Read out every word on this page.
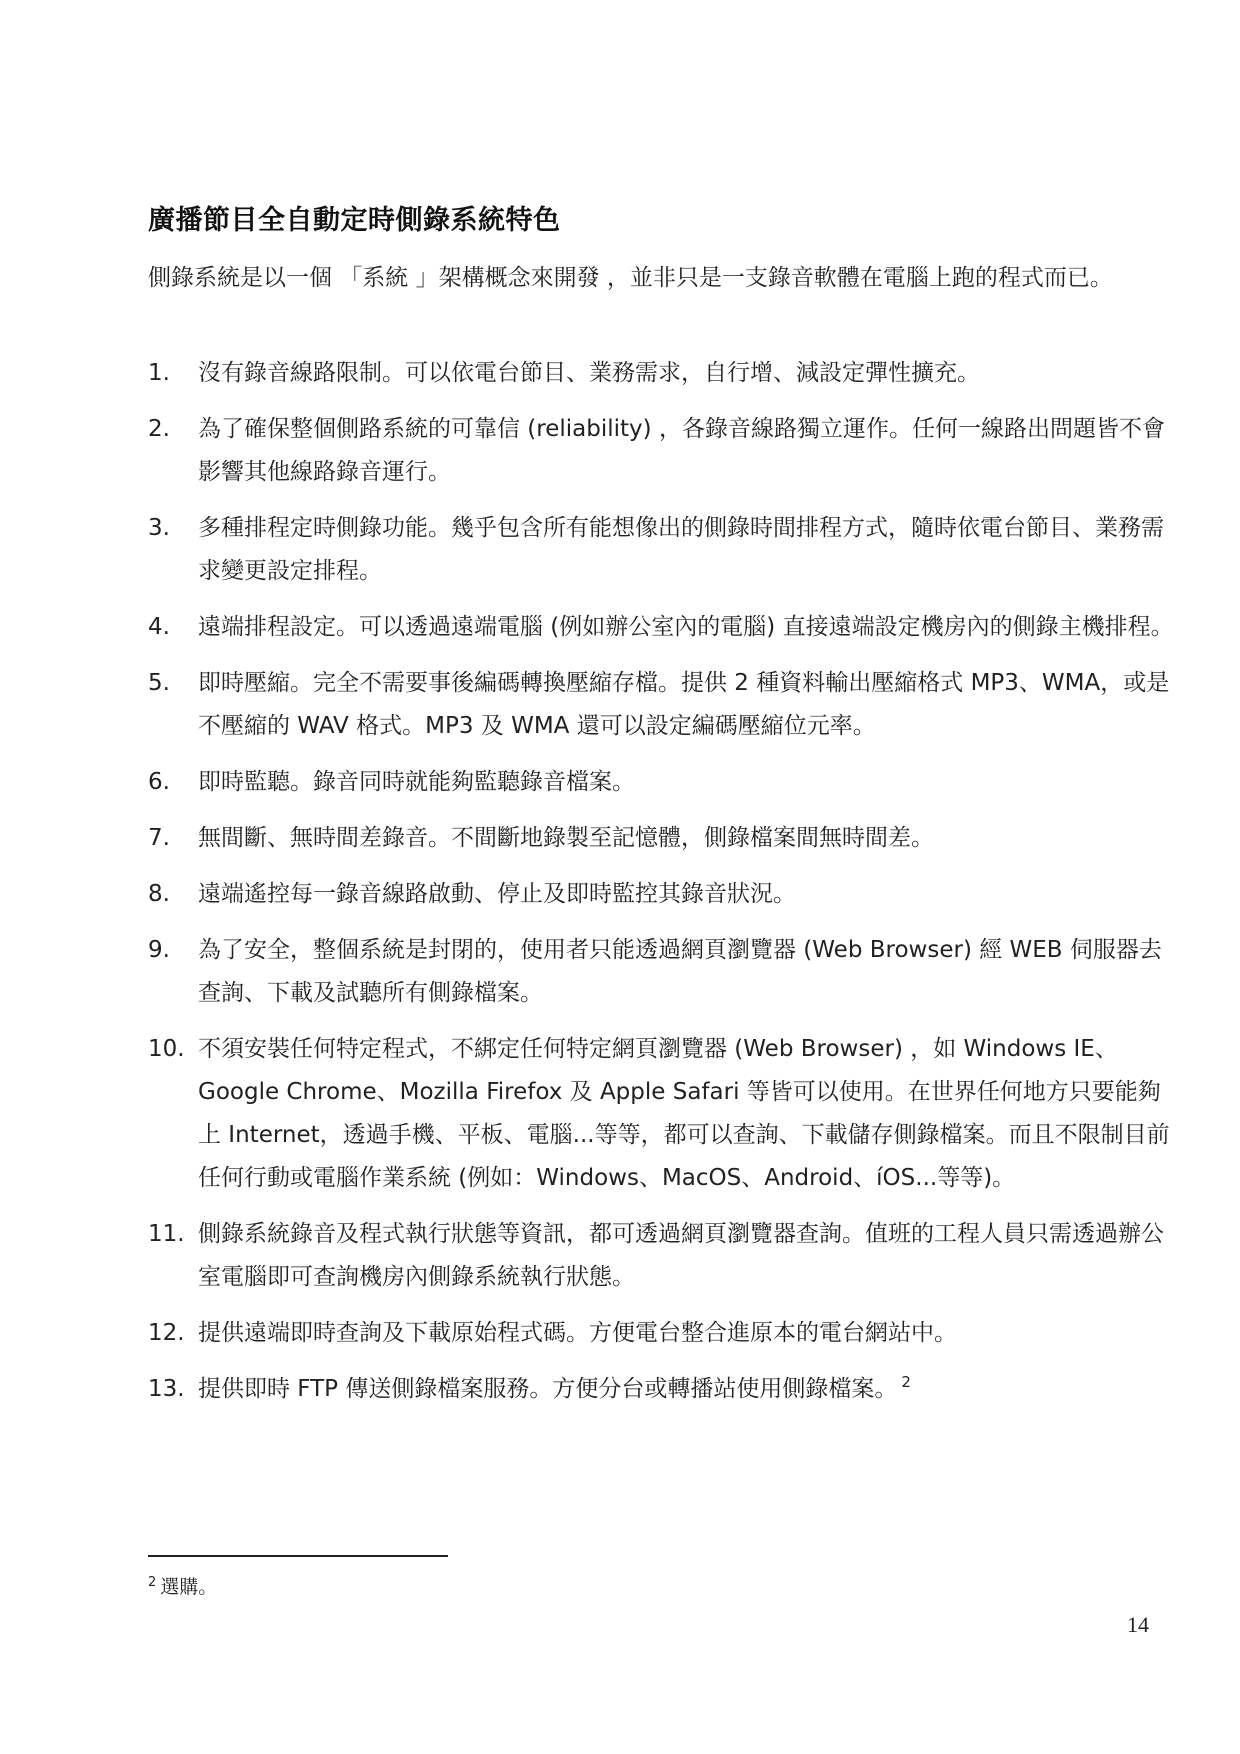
廣播節目全自動定時側錄系統特色
側錄系統是以一個 「系統 」架構概念來開發 ，並非只是一支錄音軟體在電腦上跑的程式而已。
1.	沒有錄音線路限制。可以依電台節目、業務需求，自行增、減設定彈性擴充。
2.	為了確保整個側路系統的可靠信 (reliability) ，各錄音線路獨立運作。任何一線路出問題皆不會影響其他線路錄音運行。
3.	多種排程定時側錄功能。幾乎包含所有能想像出的側錄時間排程方式，隨時依電台節目、業務需求變更設定排程。
4.	遠端排程設定。可以透過遠端電腦 (例如辦公室內的電腦) 直接遠端設定機房內的側錄主機排程。
5.	即時壓縮。完全不需要事後編碼轉換壓縮存檔。提供 2 種資料輸出壓縮格式 MP3、WMA，或是不壓縮的 WAV 格式。MP3 及 WMA 還可以設定編碼壓縮位元率。
6.	即時監聽。錄音同時就能夠監聽錄音檔案。
7.	無間斷、無時間差錄音。不間斷地錄製至記憶體，側錄檔案間無時間差。
8.	遠端遙控每一錄音線路啟動、停止及即時監控其錄音狀況。
9.	為了安全，整個系統是封閉的，使用者只能透過網頁瀏覽器 (Web Browser) 經 WEB 伺服器去查詢、下載及試聽所有側錄檔案。
10. 不須安裝任何特定程式，不綁定任何特定網頁瀏覽器 (Web Browser) ，如 Windows IE、Google Chrome、Mozilla Firefox 及 Apple Safari 等皆可以使用。在世界任何地方只要能夠上 Internet，透過手機、平板、電腦...等等，都可以查詢、下載儲存側錄檔案。而且不限制目前任何行動或電腦作業系統 (例如：Windows、MacOS、Android、íOS...等等)。
11. 側錄系統錄音及程式執行狀態等資訊，都可透過網頁瀏覽器查詢。值班的工程人員只需透過辦公室電腦即可查詢機房內側錄系統執行狀態。
12. 提供遠端即時查詢及下載原始程式碼。方便電台整合進原本的電台網站中。
13. 提供即時 FTP 傳送側錄檔案服務。方便分台或轉播站使用側錄檔案。 $^2$
$^2$ 選購。
14
